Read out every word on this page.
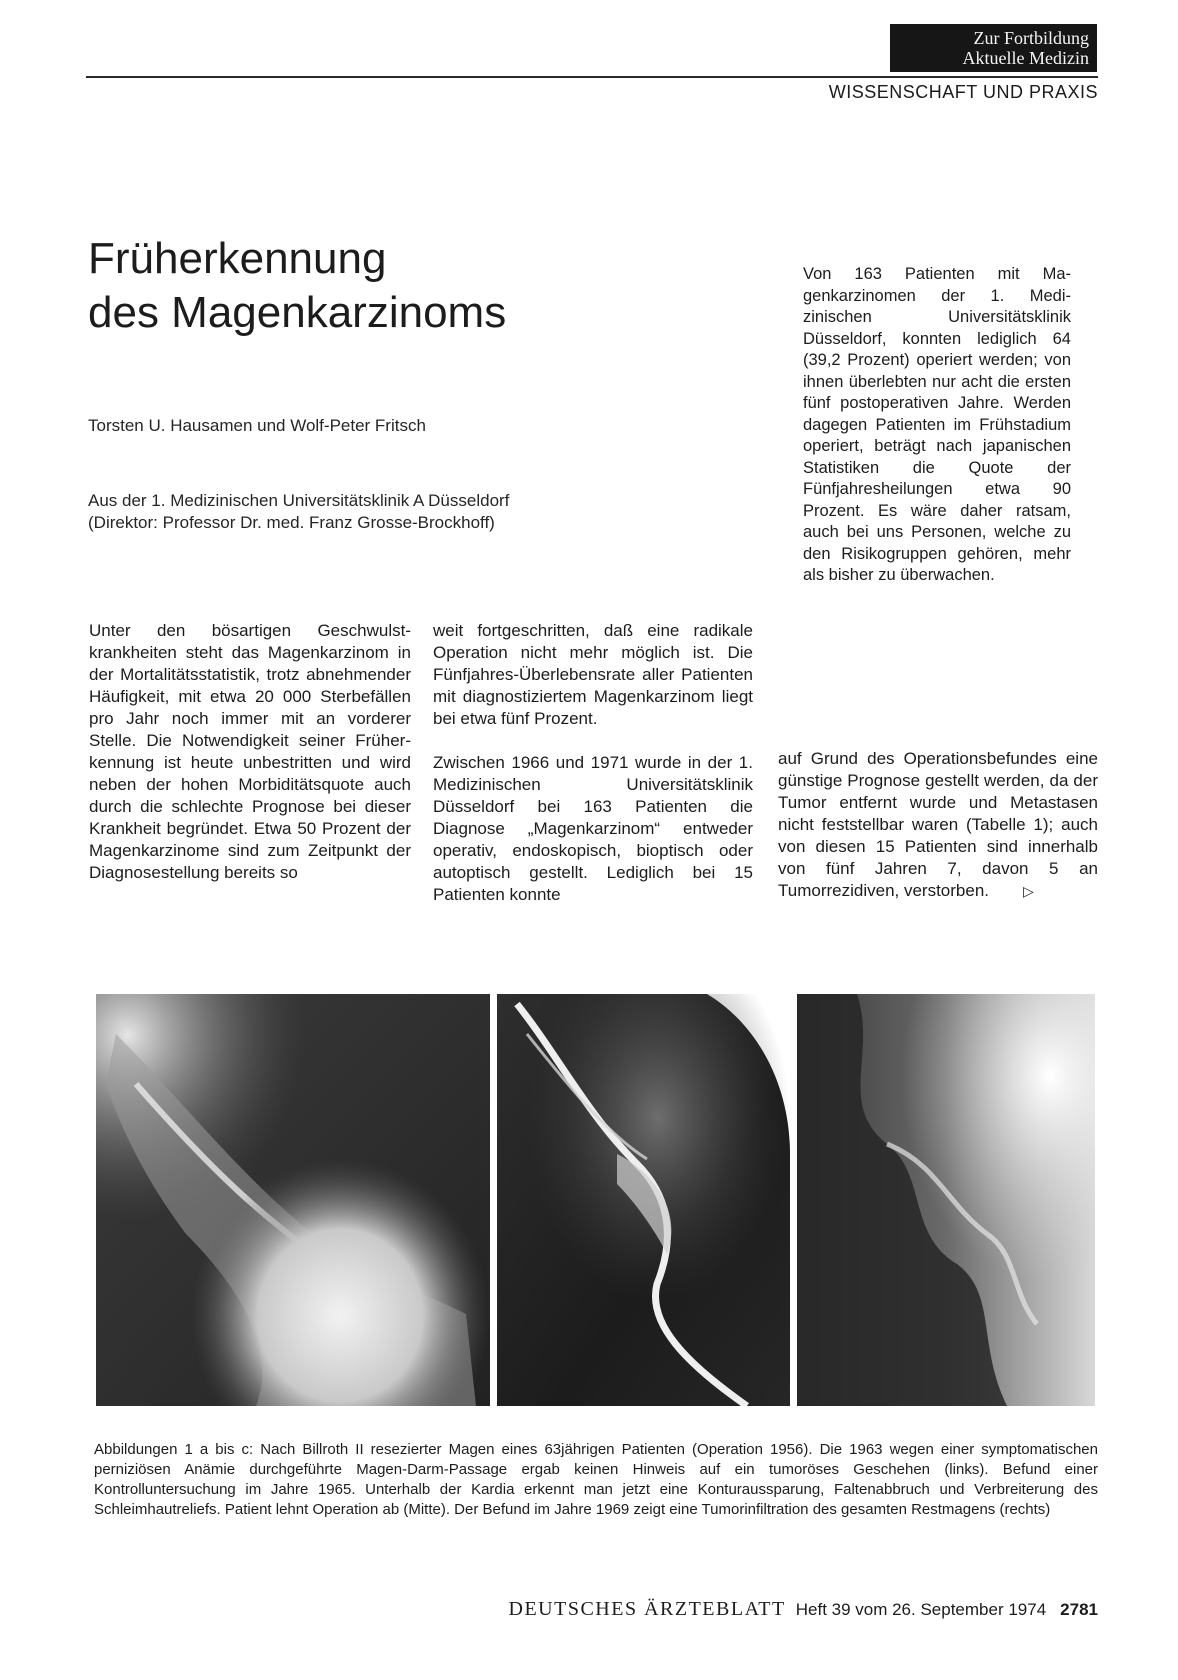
Zur Fortbildung
Aktuelle Medizin
WISSENSCHAFT UND PRAXIS
Früherkennung
des Magenkarzinoms
Torsten U. Hausamen und Wolf-Peter Fritsch
Aus der 1. Medizinischen Universitätsklinik A Düsseldorf
(Direktor: Professor Dr. med. Franz Grosse-Brockhoff)

Von 163 Patienten mit Magenkarzinomen der 1. Medizinischen Universitätsklinik Düsseldorf, konnten lediglich 64 (39,2 Prozent) operiert werden; von ihnen überlebten nur acht die ersten fünf postoperativen Jahre. Werden dagegen Patienten im Frühstadium operiert, beträgt nach japanischen Statistiken die Quote der Fünfjahresheilungen etwa 90 Prozent. Es wäre daher ratsam, auch bei uns Personen, welche zu den Risikogruppen gehören, mehr als bisher zu überwachen.

Unter den bösartigen Geschwulstkrankheiten steht das Magenkarzinom in der Mortalitätsstatistik, trotz abnehmender Häufigkeit, mit etwa 20 000 Sterbefällen pro Jahr noch immer mit an vorderer Stelle. Die Notwendigkeit seiner Früherkennung ist heute unbestritten und wird neben der hohen Morbiditätsquote auch durch die schlechte Prognose bei dieser Krankheit begründet. Etwa 50 Prozent der Magenkarzinome sind zum Zeitpunkt der Diagnosestellung bereits so

weit fortgeschritten, daß eine radikale Operation nicht mehr möglich ist. Die Fünfjahres-Überlebensrate aller Patienten mit diagnostiziertem Magenkarzinom liegt bei etwa fünf Prozent.

Zwischen 1966 und 1971 wurde in der 1. Medizinischen Universitätsklinik Düsseldorf bei 163 Patienten die Diagnose „Magenkarzinom“ entweder operativ, endoskopisch, bioptisch oder autoptisch gestellt. Lediglich bei 15 Patienten konnte

auf Grund des Operationsbefundes eine günstige Prognose gestellt werden, da der Tumor entfernt wurde und Metastasen nicht feststellbar waren (Tabelle 1); auch von diesen 15 Patienten sind innerhalb von fünf Jahren 7, davon 5 an Tumorrezidiven, verstorben. ▷

Abbildungen 1 a bis c: Nach Billroth II resezierter Magen eines 63jährigen Patienten (Operation 1956). Die 1963 wegen einer symptomatischen perniziösen Anämie durchgeführte Magen-Darm-Passage ergab keinen Hinweis auf ein tumoröses Geschehen (links). Befund einer Kontrolluntersuchung im Jahre 1965. Unterhalb der Kardia erkennt man jetzt eine Konturaussparung, Faltenabbruch und Verbreiterung des Schleimhautreliefs. Patient lehnt Operation ab (Mitte). Der Befund im Jahre 1969 zeigt eine Tumorinfiltration des gesamten Restmagens (rechts)
DEUTSCHES ÄRZTEBLATT Heft 39 vom 26. September 1974 2781
